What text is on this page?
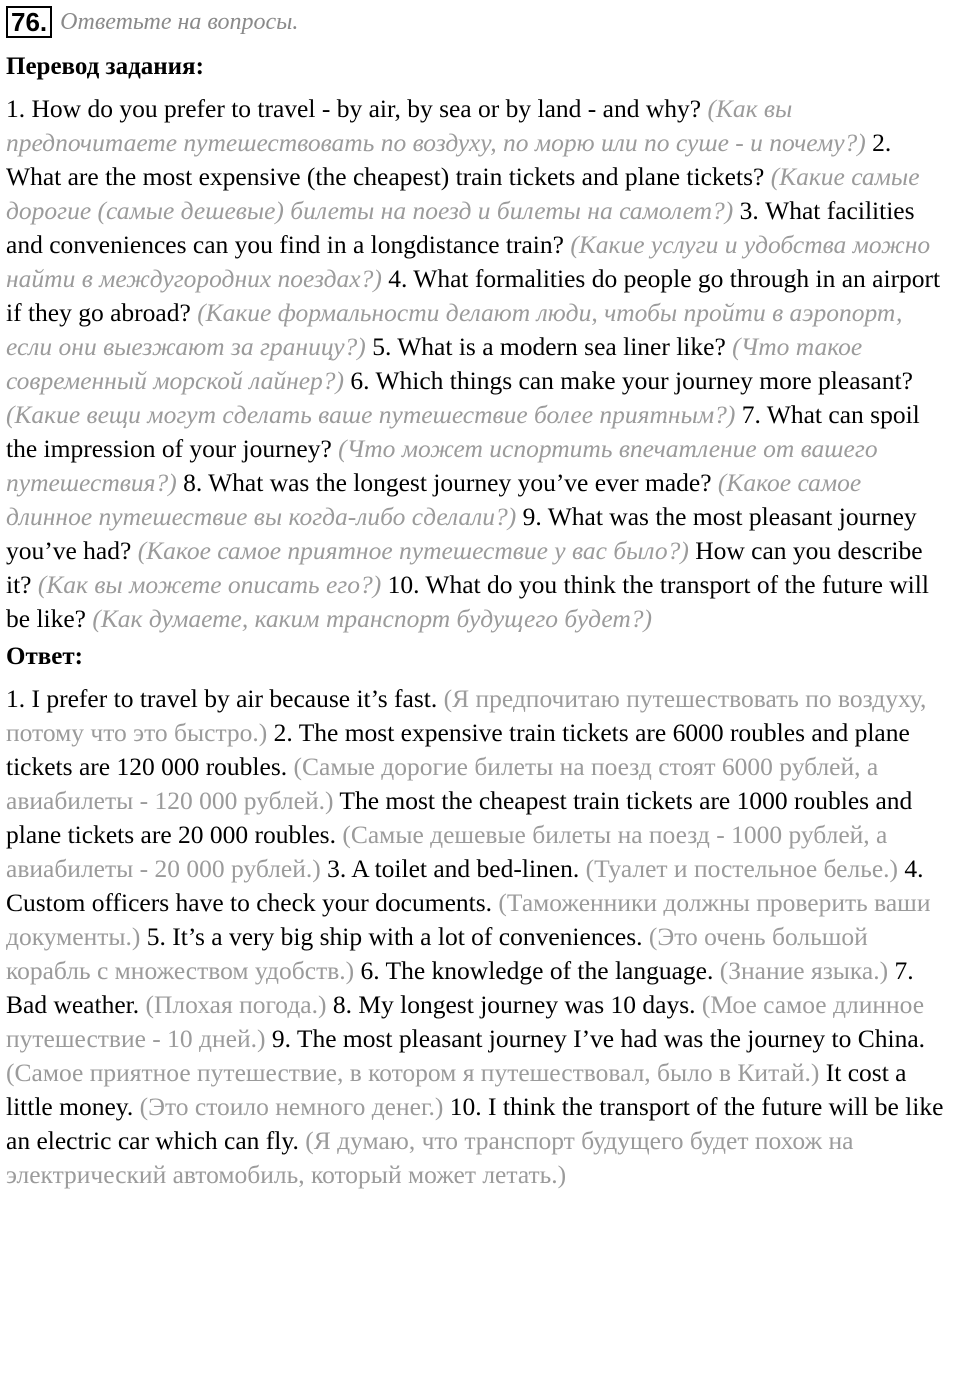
76. Ответьте на вопросы.
Перевод задания:

1. How do you prefer to travel - by air, by sea or by land - and why? (Как вы предпочитаете путешествовать по воздуху, по морю или по суше - и почему?) 2. What are the most expensive (the cheapest) train tickets and plane tickets? (Какие самые дорогие (самые дешевые) билеты на поезд и билеты на самолет?) 3. What facilities and conveniences can you find in a longdistance train? (Какие услуги и удобства можно найти в междугородних поездах?) 4. What formalities do people go through in an airport if they go abroad? (Какие формальности делают люди, чтобы пройти в аэропорт, если они выезжают за границу?) 5. What is a modern sea liner like? (Что такое современный морской лайнер?) 6. Which things can make your journey more pleasant? (Какие вещи могут сделать ваше путешествие более приятным?) 7. What can spoil the impression of your journey? (Что может испортить впечатление от вашего путешествия?) 8. What was the longest journey you’ve ever made? (Какое самое длинное путешествие вы когда-либо сделали?) 9. What was the most pleasant journey you’ve had? (Какое самое приятное путешествие у вас было?) How can you describe it? (Как вы можете описать его?) 10. What do you think the transport of the future will be like? (Как думаете, каким транспорт будущего будет?)

Ответ:

1. I prefer to travel by air because it’s fast. (Я предпочитаю путешествовать по воздуху, потому что это быстро.) 2. The most expensive train tickets are 6000 roubles and plane tickets are 120 000 roubles. (Самые дорогие билеты на поезд стоят 6000 рублей, а авиабилеты - 120 000 рублей.) The most the cheapest train tickets are 1000 roubles and plane tickets are 20 000 roubles. (Самые дешевые билеты на поезд - 1000 рублей, а авиабилеты - 20 000 рублей.) 3. A toilet and bed-linen. (Туалет и постельное белье.) 4. Custom officers have to check your documents. (Таможенники должны проверить ваши документы.) 5. It’s a very big ship with a lot of conveniences. (Это очень большой корабль с множеством удобств.) 6. The knowledge of the language. (Знание языка.) 7. Bad weather. (Плохая погода.) 8. My longest journey was 10 days. (Мое самое длинное путешествие - 10 дней.) 9. The most pleasant journey I’ve had was the journey to China. (Самое приятное путешествие, в котором я путешествовал, было в Китай.) It cost a little money. (Это стоило немного денег.) 10. I think the transport of the future will be like an electric car which can fly. (Я думаю, что транспорт будущего будет похож на электрический автомобиль, который может летать.)
